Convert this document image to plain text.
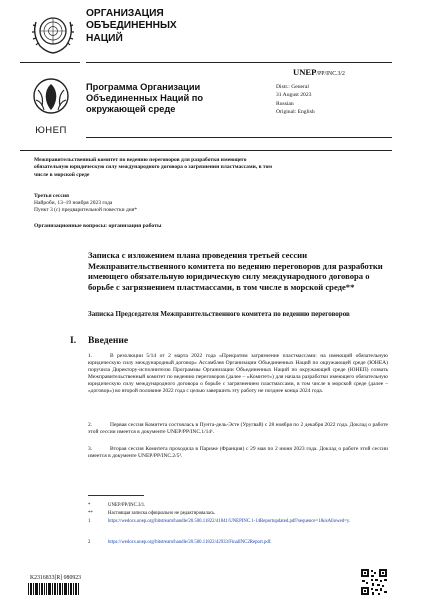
ОРГАНИЗАЦИЯ ОБЪЕДИНЕННЫХ НАЦИЙ
UNEP/PP/INC.3/2
ЮНЕП
Программа Организации Объединенных Наций по окружающей среде
Distr.: General
31 August 2023
Russian
Original: English
Межправительственный комитет по ведению переговоров для разработки имеющего обязательную юридическую силу международного договора о загрязнении пластмассами, в том числе в морской среде
Третья сессия
Найроби, 13–19 ноября 2023 года
Пункт 3 (с) предварительной повестки дня*
Организационные вопросы: организация работы
Записка с изложением плана проведения третьей сессии Межправительственного комитета по ведению переговоров для разработки имеющего обязательную юридическую силу международного договора о борьбе с загрязнением пластмассами, в том числе в морской среде**
Записка Председателя Межправительственного комитета по ведению переговоров
I. Введение
1.	В резолюции 5/14 от 2 марта 2022 года «Прекратим загрязнение пластмассами: на имеющий обязательную юридическую силу международный договор» Ассамблея Организации Объединенных Наций по окружающей среде (ЮНЕА) поручила Директору-исполнителю Программы Организации Объединенных Наций по окружающей среде (ЮНЕП) созвать Межправительственный комитет по ведению переговоров (далее – «Комитет») для начала разработки имеющего обязательную юридическую силу международного договора о борьбе с загрязнением пластмассами, в том числе в морской среде (далее – «договор») во второй половине 2022 года с целью завершить эту работу не позднее конца 2024 года.
2.	Первая сессия Комитета состоялась в Пунта-дель-Эсте (Уругвай) с 28 ноября по 2 декабря 2022 года. Доклад о работе этой сессии имеется в документе UNEP/PP/INC.1/14¹.
3.	Вторая сессия Комитета проходила в Париже (Франция) с 29 мая по 2 июня 2023 года. Доклад о работе этой сессии имеется в документе UNEP/PP/INC.2/5².
*	UNEP/PP/INC.3/1.
**	Настоящая записка официально не редактировалась.
1	https://wedocs.unep.org/bitstream/handle/20.500.11822/41841/UNEPINC.1-14Reportupdated.pdf?sequence=1&isAllowed=y.
2	https://wedocs.unep.org/bitstream/handle/20.500.11822/42933/FinalINC2Report.pdf.
K2316833[R] 080923
